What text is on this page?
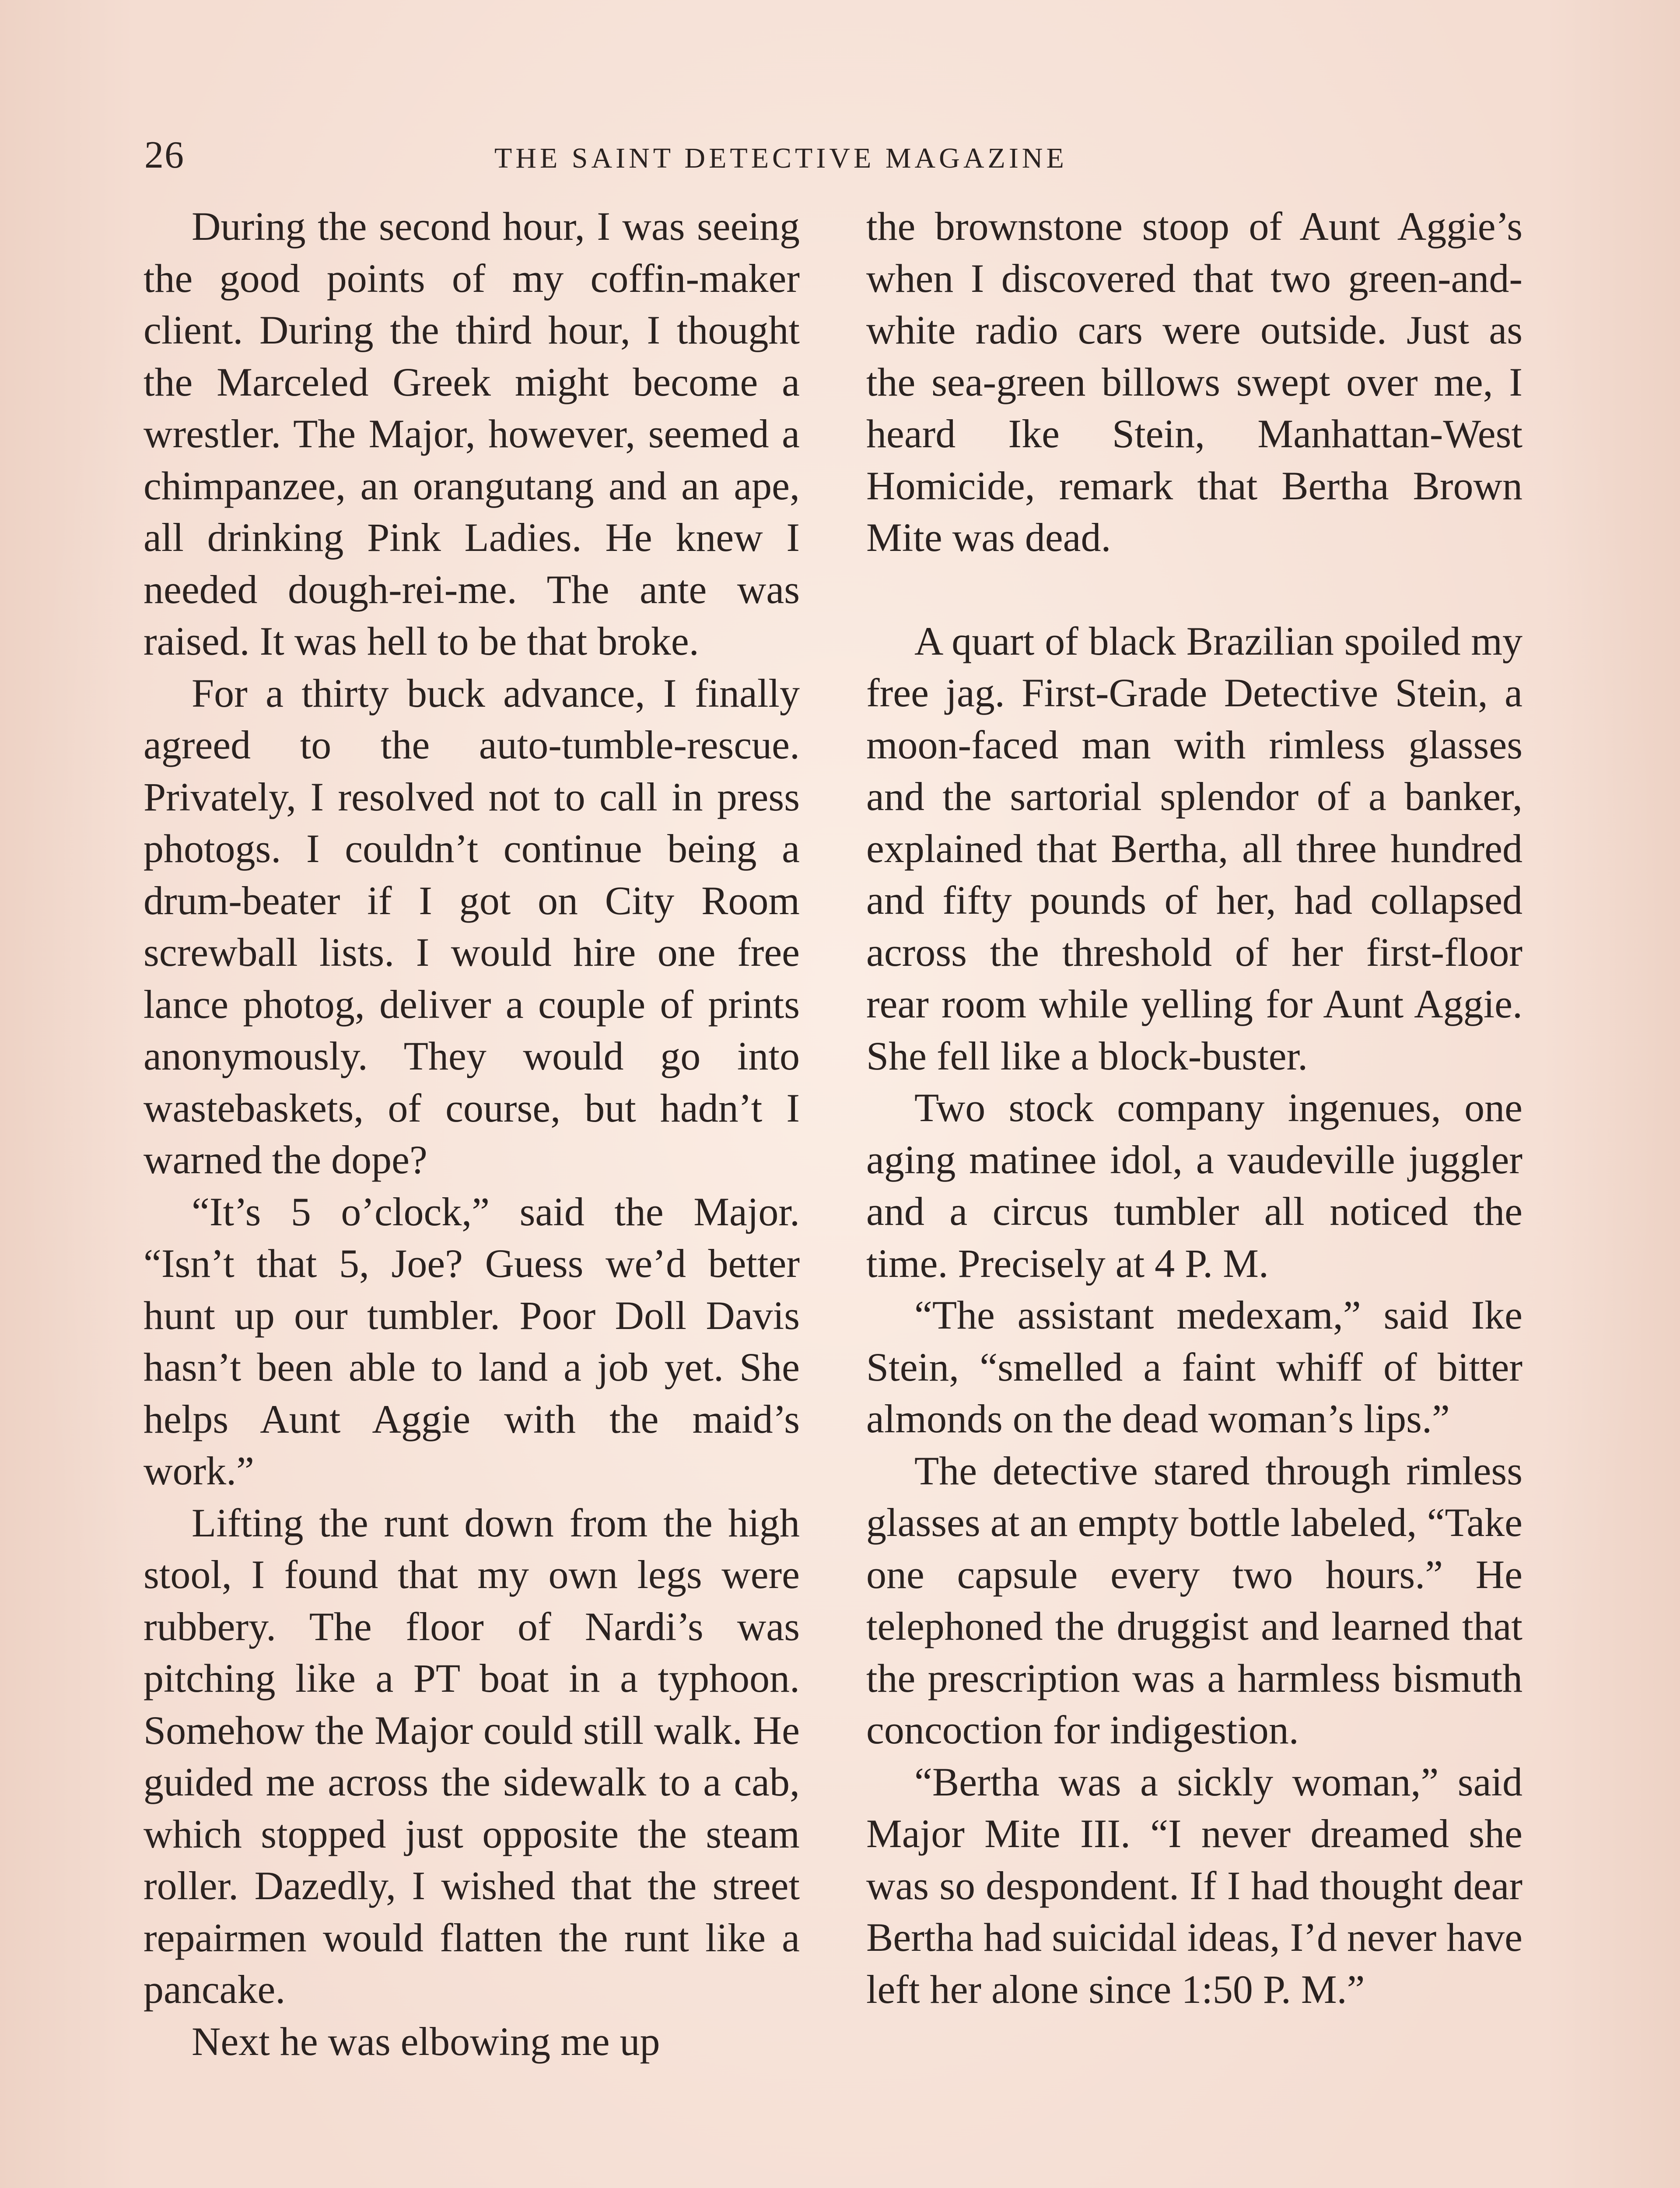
26	THE SAINT DETECTIVE MAGAZINE

During the second hour, I was seeing the good points of my coffin-maker client. During the third hour, I thought the Marceled Greek might become a wrestler. The Major, however, seemed a chimpanzee, an orangutang and an ape, all drinking Pink Ladies. He knew I needed dough-rei-me. The ante was raised. It was hell to be that broke.

For a thirty buck advance, I finally agreed to the auto-tumble-rescue. Privately, I resolved not to call in press photogs. I couldn’t continue being a drum-beater if I got on City Room screwball lists. I would hire one free lance photog, deliver a couple of prints anonymously. They would go into wastebaskets, of course, but hadn’t I warned the dope?

“It’s 5 o’clock,” said the Major. “Isn’t that 5, Joe? Guess we’d better hunt up our tumbler. Poor Doll Davis hasn’t been able to land a job yet. She helps Aunt Aggie with the maid’s work.”

Lifting the runt down from the high stool, I found that my own legs were rubbery. The floor of Nardi’s was pitching like a PT boat in a typhoon. Somehow the Major could still walk. He guided me across the sidewalk to a cab, which stopped just opposite the steam roller. Dazedly, I wished that the street repairmen would flatten the runt like a pancake.

Next he was elbowing me up

the brownstone stoop of Aunt Aggie’s when I discovered that two green-and-white radio cars were outside. Just as the sea-green billows swept over me, I heard Ike Stein, Manhattan-West Homicide, remark that Bertha Brown Mite was dead.

A quart of black Brazilian spoiled my free jag. First-Grade Detective Stein, a moon-faced man with rimless glasses and the sartorial splendor of a banker, explained that Bertha, all three hundred and fifty pounds of her, had collapsed across the threshold of her first-floor rear room while yelling for Aunt Aggie. She fell like a block-buster.

Two stock company ingenues, one aging matinee idol, a vaudeville juggler and a circus tumbler all noticed the time. Precisely at 4 P. M.

“The assistant medexam,” said Ike Stein, “smelled a faint whiff of bitter almonds on the dead woman’s lips.”

The detective stared through rimless glasses at an empty bottle labeled, “Take one capsule every two hours.” He telephoned the druggist and learned that the prescription was a harmless bismuth concoction for indigestion.

“Bertha was a sickly woman,” said Major Mite III. “I never dreamed she was so despondent. If I had thought dear Bertha had suicidal ideas, I’d never have left her alone since 1:50 P. M.”
